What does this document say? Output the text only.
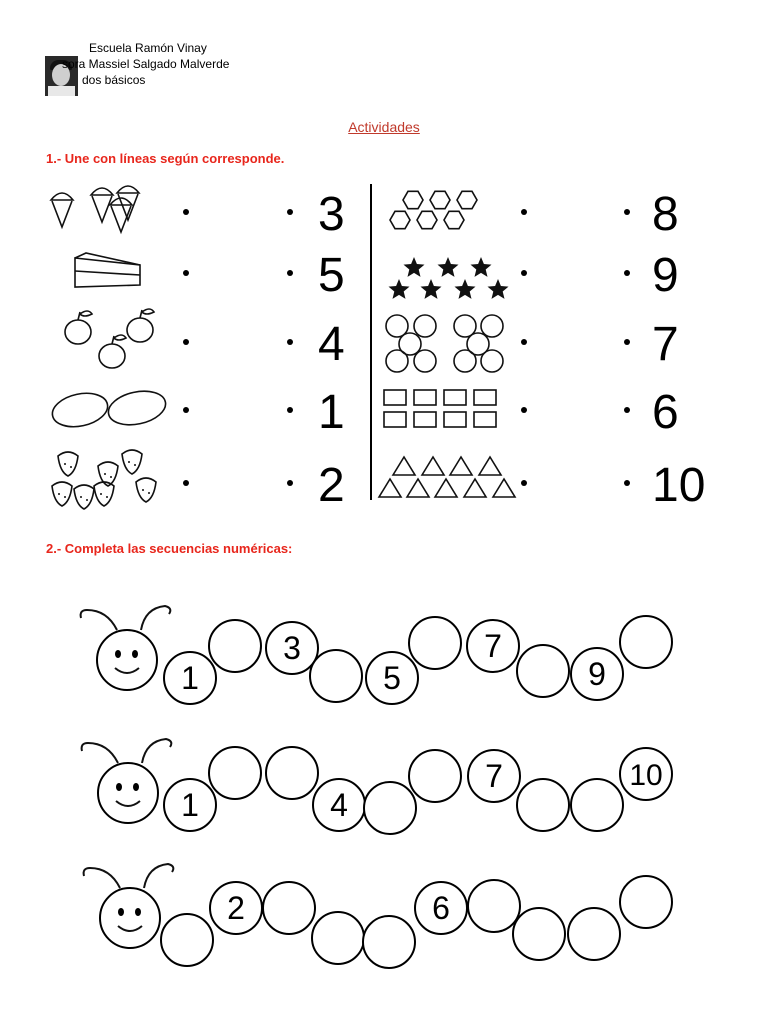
Escuela Ramón Vinay
sora Massiel Salgado Malverde
dos básicos
Actividades
1.- Une con líneas según corresponde.
2.- Completa las secuencias numéricas:
3	8
5	9
4	7
1	6
2	10
1
3
5
7
9
1	4
7	10
2	6
